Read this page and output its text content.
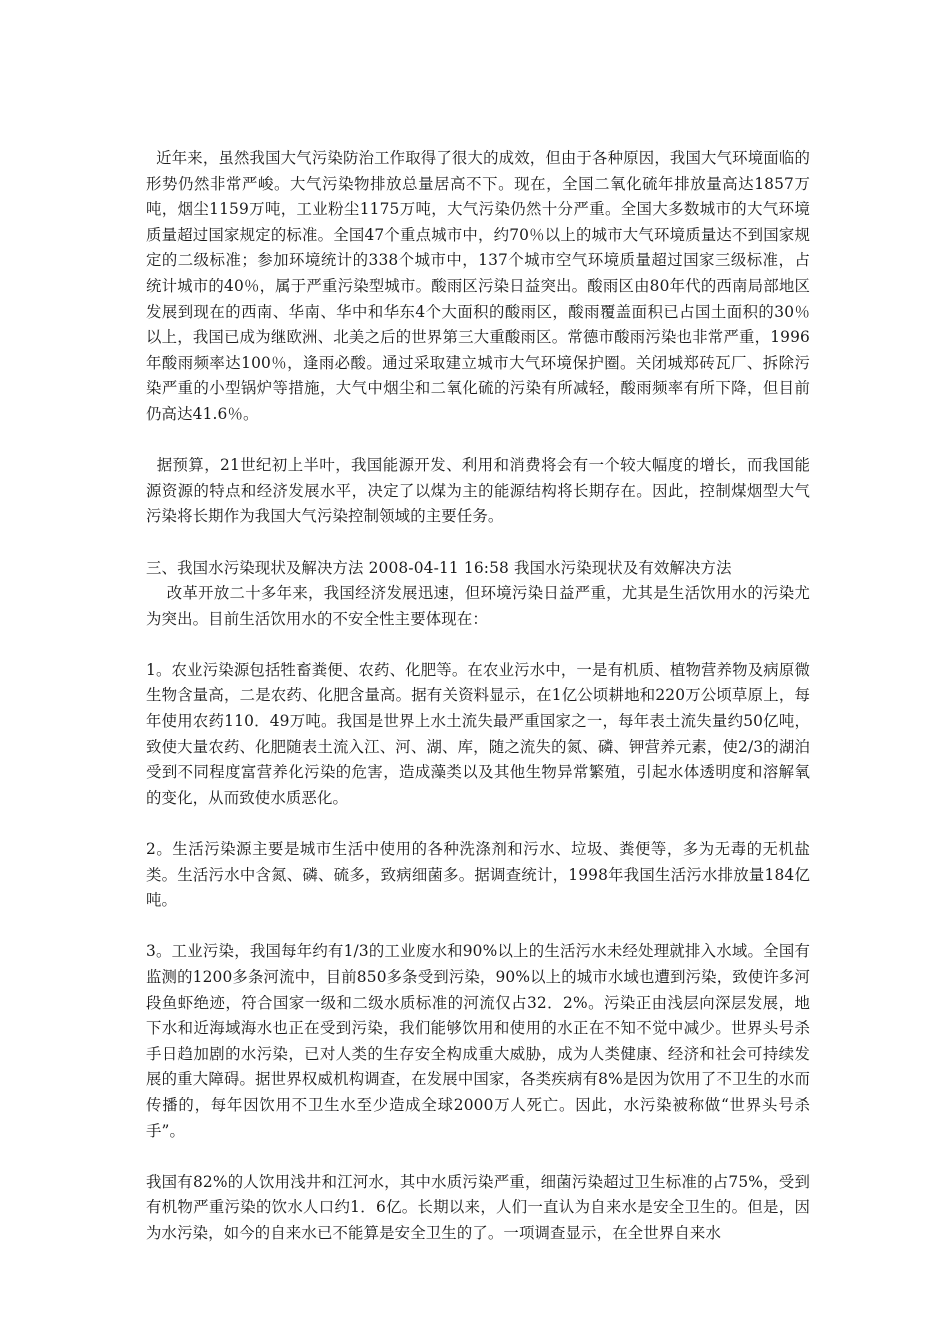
近年来，虽然我国大气污染防治工作取得了很大的成效，但由于各种原因，我国大气环境面临的形势仍然非常严峻。大气污染物排放总量居高不下。现在，全国二氧化硫年排放量高达1857万吨，烟尘1159万吨，工业粉尘1175万吨，大气污染仍然十分严重。全国大多数城市的大气环境质量超过国家规定的标准。全国47个重点城市中，约70％以上的城市大气环境质量达不到国家规定的二级标准；参加环境统计的338个城市中，137个城市空气环境质量超过国家三级标准，占统计城市的40％，属于严重污染型城市。酸雨区污染日益突出。酸雨区由80年代的西南局部地区发展到现在的西南、华南、华中和华东4个大面积的酸雨区，酸雨覆盖面积已占国土面积的30％以上，我国已成为继欧洲、北美之后的世界第三大重酸雨区。常德市酸雨污染也非常严重，1996年酸雨频率达100％，逢雨必酸。通过采取建立城市大气环境保护圈。关闭城郑砖瓦厂、拆除污染严重的小型锅炉等措施，大气中烟尘和二氧化硫的污染有所减轻，酸雨频率有所下降，但目前仍高达41.6％。

据预算，21世纪初上半叶，我国能源开发、利用和消费将会有一个较大幅度的增长，而我国能源资源的特点和经济发展水平，决定了以煤为主的能源结构将长期存在。因此，控制煤烟型大气污染将长期作为我国大气污染控制领域的主要任务。

三、我国水污染现状及解决方法 2008-04-11 16:58 我国水污染现状及有效解决方法
改革开放二十多年来，我国经济发展迅速，但环境污染日益严重，尤其是生活饮用水的污染尤为突出。目前生活饮用水的不安全性主要体现在：

1。农业污染源包括牲畜粪便、农药、化肥等。在农业污水中，一是有机质、植物营养物及病原微生物含量高，二是农药、化肥含量高。据有关资料显示，在1亿公顷耕地和220万公顷草原上，每年使用农药110．49万吨。我国是世界上水土流失最严重国家之一，每年表土流失量约50亿吨，致使大量农药、化肥随表土流入江、河、湖、库，随之流失的氮、磷、钾营养元素，使2/3的湖泊受到不同程度富营养化污染的危害，造成藻类以及其他生物异常繁殖，引起水体透明度和溶解氧的变化，从而致使水质恶化。

2。生活污染源主要是城市生活中使用的各种洗涤剂和污水、垃圾、粪便等，多为无毒的无机盐类。生活污水中含氮、磷、硫多，致病细菌多。据调查统计，1998年我国生活污水排放量184亿吨。

3。工业污染，我国每年约有1/3的工业废水和90%以上的生活污水未经处理就排入水域。全国有监测的1200多条河流中，目前850多条受到污染，90%以上的城市水域也遭到污染，致使许多河段鱼虾绝迹，符合国家一级和二级水质标准的河流仅占32．2%。污染正由浅层向深层发展，地下水和近海域海水也正在受到污染，我们能够饮用和使用的水正在不知不觉中减少。世界头号杀手日趋加剧的水污染，已对人类的生存安全构成重大威胁，成为人类健康、经济和社会可持续发展的重大障碍。据世界权威机构调查，在发展中国家，各类疾病有8%是因为饮用了不卫生的水而传播的，每年因饮用不卫生水至少造成全球2000万人死亡。因此，水污染被称做“世界头号杀手”。

我国有82%的人饮用浅井和江河水，其中水质污染严重，细菌污染超过卫生标准的占75%，受到有机物严重污染的饮水人口约1．6亿。长期以来，人们一直认为自来水是安全卫生的。但是，因为水污染，如今的自来水已不能算是安全卫生的了。一项调查显示，在全世界自来水
